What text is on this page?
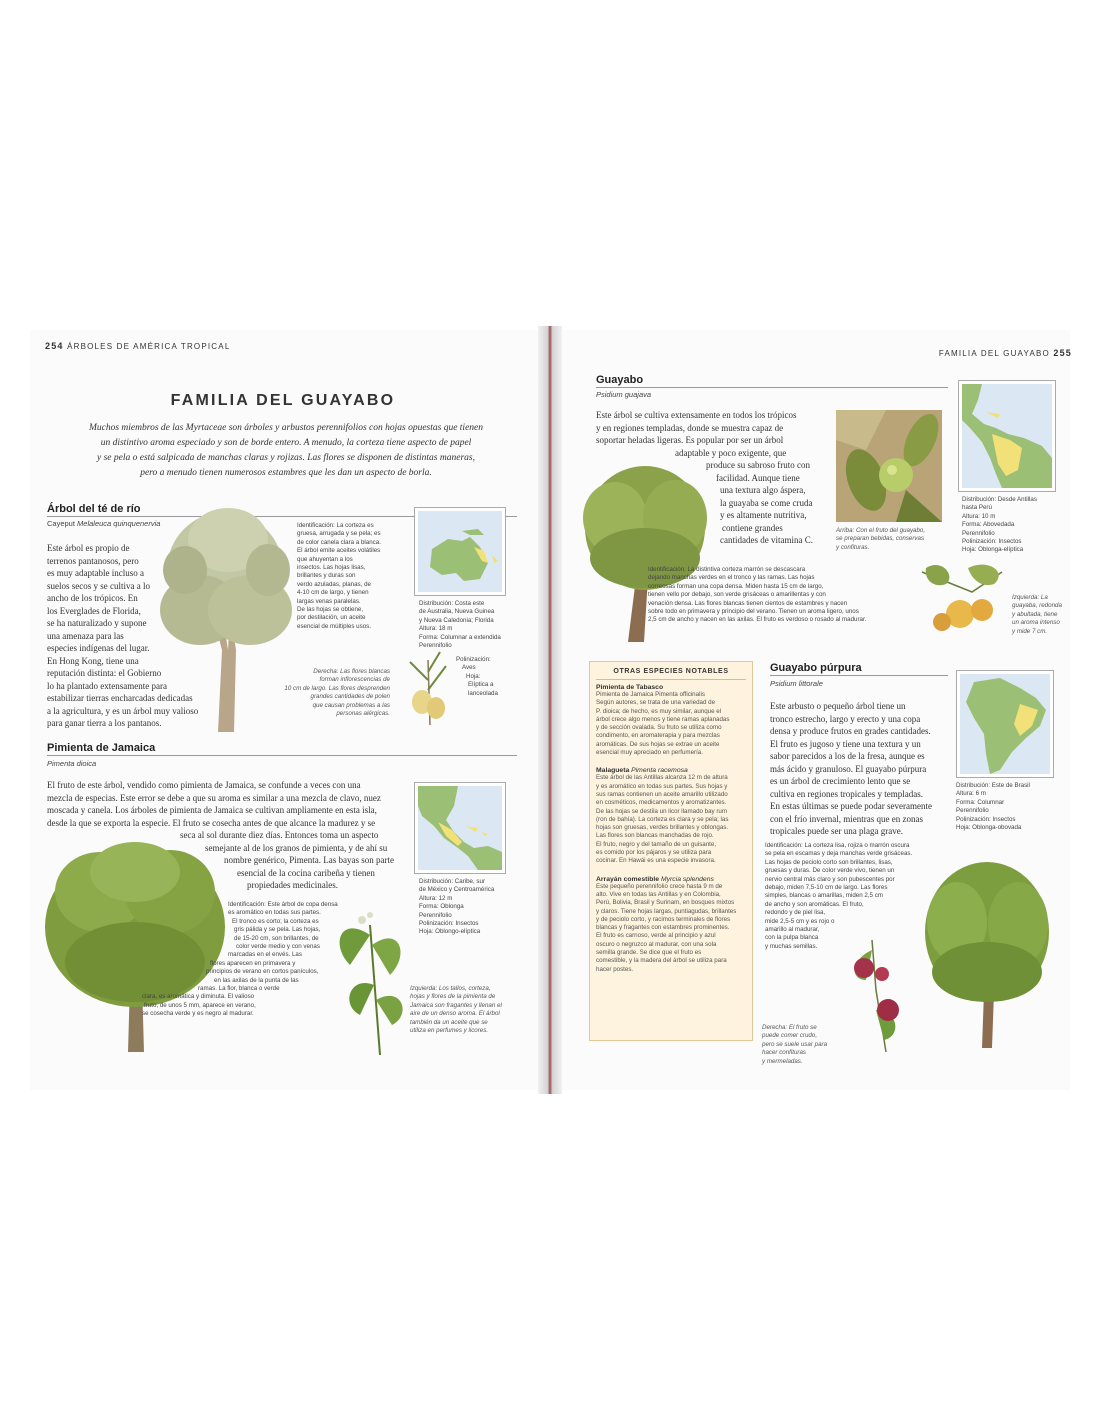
254 ÁRBOLES DE AMÉRICA TROPICAL
FAMILIA DEL GUAYABO
Muchos miembros de las Myrtaceae son árboles y arbustos perennifolios con hojas opuestas que tienen
un distintivo aroma especiado y son de borde entero. A menudo, la corteza tiene aspecto de papel
y se pela o está salpicada de manchas claras y rojizas. Las flores se disponen de distintas maneras,
pero a menudo tienen numerosos estambres que les dan un aspecto de borla.
Árbol del té de río
Cayeput Melaleuca quinquenervia
Este árbol es propio de
terrenos pantanosos, pero
es muy adaptable incluso a
suelos secos y se cultiva a lo
ancho de los trópicos. En
los Everglades de Florida,
se ha naturalizado y supone
una amenaza para las
especies indígenas del lugar.
En Hong Kong, tiene una
reputación distinta: el Gobierno
lo ha plantado extensamente para
estabilizar tierras encharcadas dedicadas
a la agricultura, y es un árbol muy valioso
para ganar tierra a los pantanos.
Identificación: La corteza es
gruesa, arrugada y se pela; es
de color canela clara a blanca.
El árbol emite aceites volátiles
que ahuyentan a los
insectos. Las hojas lisas,
brillantes y duras son
verdo azuladas, planas, de
4-10 cm de largo, y tienen
largas venas paralelas.
De las hojas se obtiene,
por destilación, un aceite
esencial de múltiples usos.
Distribución: Costa este
de Australia, Nueva Guinea
y Nueva Caledonia; Florida
Altura: 18 m
Forma: Columnar a extendida
Perennifolio
Polinización:
Aves
Hoja:
Elíptica a
lanceolada
Derecha: Las flores blancas
forman inflorescencias de
10 cm de largo. Las flores desprenden
grandes cantidades de polen
que causan problemas a las
personas alérgicas.
Pimienta de Jamaica
Pimenta dioica
El fruto de este árbol, vendido como pimienta de Jamaica, se confunde a veces con una
mezcla de especias. Este error se debe a que su aroma es similar a una mezcla de clavo, nuez
moscada y canela. Los árboles de pimienta de Jamaica se cultivan ampliamente en esta isla,
desde la que se exporta la especie. El fruto se cosecha antes de que alcance la madurez y se
seca al sol durante diez días. Entonces toma un aspecto
semejante al de los granos de pimienta, y de ahí su
nombre genérico, Pimenta. Las bayas son parte
esencial de la cocina caribeña y tienen
propiedades medicinales.	Distribución: Caribe, sur
de México y Centroamérica
Altura: 12 m
Forma: Oblonga
Perennifolio
Polinización: Insectos
Hoja: Oblongo-elíptica
Identificación: Este árbol de copa densa
es aromático en todas sus partes.
El tronco es corto; la corteza es
gris pálida y se pela. Las hojas,
de 15-20 cm, son brillantes, de
color verde medio y con venas
marcadas en el envés. Las
flores aparecen en primavera y
principios de verano en cortos panículos,
en las axilas de la punta de las
ramas. La flor, blanca o verde
clara, es aromática y diminuta. El valioso
fruto, de unos 5 mm, aparece en verano,
se cosecha verde y es negro al madurar.
Izquierda: Los tallos, corteza,
hojas y flores de la pimienta de
Jamaica son fragantes y llenan el
aire de un denso aroma. El árbol
también da un aceite que se
utiliza en perfumes y licores.
FAMILIA DEL GUAYABO 255
Guayabo
Psidium guajava
Este árbol se cultiva extensamente en todos los trópicos
y en regiones templadas, donde se muestra capaz de
soportar heladas ligeras. Es popular por ser un árbol
adaptable y poco exigente, que
produce su sabroso fruto con
facilidad. Aunque tiene
una textura algo áspera,
la guayaba se come cruda
y es altamente nutritiva,
contiene grandes
cantidades de vitamina C.
Arriba: Con el fruto del guayabo,
se preparan bebidas, conservas
y confituras.
Distribución: Desde Antillas
hasta Perú
Altura: 10 m
Forma: Abovedada
Perennifolio
Polinización: Insectos
Hoja: Oblonga-elíptica
Identificación: La distintiva corteza marrón se descascara
dejando manchas verdes en el tronco y las ramas. Las hojas
correosas forman una copa densa. Miden hasta 15 cm de largo,
tienen vello por debajo, son verde grisáceas o amarillentas y con
venación densa. Las flores blancas tienen cientos de estambres y nacen
sobre todo en primavera y principio del verano. Tienen un aroma ligero, unos
2,5 cm de ancho y nacen en las axilas. El fruto es verdoso o rosado al madurar.
Izquierda: La
guayaba, redonda
y abultada, tiene
un aroma intenso
y mide 7 cm.
OTRAS ESPECIES NOTABLES
Pimienta de Tabasco
Pimienta de Jamaica Pimenta officinalis
Según autores, se trata de una variedad de
P. dioica; de hecho, es muy similar, aunque el
árbol crece algo menos y tiene ramas aplanadas
y de sección ovalada. Su fruto se utiliza como
condimento, en aromaterapia y para mezclas
aromáticas. De sus hojas se extrae un aceite
esencial muy apreciado en perfumería.
Malagueta Pimenta racemosa
Este árbol de las Antillas alcanza 12 m de altura
y es aromático en todas sus partes. Sus hojas y
sus ramas contienen un aceite amarillo utilizado
en cosméticos, medicamentos y aromatizantes.
De las hojas se destila un licor llamado bay rum
(ron de bahía). La corteza es clara y se pela; las
hojas son gruesas, verdes brillantes y oblongas.
Las flores son blancas manchadas de rojo.
El fruto, negro y del tamaño de un guisante,
es comido por los pájaros y se utiliza para
cocinar. En Hawái es una especie invasora.
Arrayán comestible Myrcia splendens
Este pequeño perennifolio crece hasta 9 m de
alto. Vive en todas las Antillas y en Colombia,
Perú, Bolivia, Brasil y Surinam, en bosques mixtos
y claros. Tiene hojas largas, puntiagudas, brillantes
y de peciolo corto, y racimos terminales de flores
blancas y fragantes con estambres prominentes.
El fruto es carnoso, verde al principio y azul
oscuro o negruzco al madurar, con una sola
semilla grande. Se dice que el fruto es
comestible, y la madera del árbol se utiliza para
hacer postes.
Guayabo púrpura
Psidium littorale
Este arbusto o pequeño árbol tiene un
tronco estrecho, largo y erecto y una copa
densa y produce frutos en grades cantidades.
El fruto es jugoso y tiene una textura y un
sabor parecidos a los de la fresa, aunque es
más ácido y granuloso. El guayabo púrpura
es un árbol de crecimiento lento que se
cultiva en regiones tropicales y templadas.
En estas últimas se puede podar severamente
con el frío invernal, mientras que en zonas
tropicales puede ser una plaga grave.
Distribución: Este de Brasil
Altura: 6 m
Forma: Columnar
Perennifolio
Polinización: Insectos
Hoja: Oblonga-obovada
Identificación: La corteza lisa, rojiza o marrón oscura
se pela en escamas y deja manchas verde grisáceas.
Las hojas de peciolo corto son brillantes, lisas,
gruesas y duras. De color verde vivo, tienen un
nervio central más claro y son pubescentes por
debajo, miden 7,5-10 cm de largo. Las flores
simples, blancas o amarillas, miden 2,5 cm
de ancho y son aromáticas. El fruto,
redondo y de piel lisa,
mide 2,5-5 cm y es rojo o
amarillo al madurar,
con la pulpa blanca
y muchas semillas.
Derecha: El fruto se
puede comer crudo,
pero se suele usar para
hacer confituras
y mermeladas.
